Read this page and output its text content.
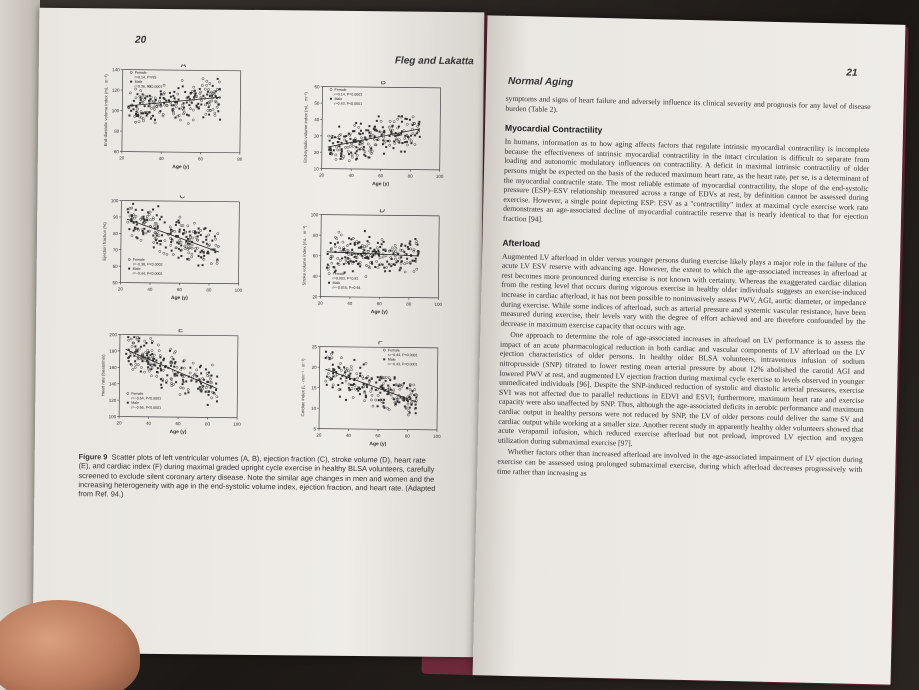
20
Fleg and Lakatta
A
60
80
100
120
140
20	40	60	80
Age (y)
End-diastolic volume index (mL · m⁻²)
Female
r=0.14, P=NS
Male
r=0.36, P<0.0001
B
10
20
30
40
50
60
20	40	60	80	100
Age (y)
End-systolic volume index (mL · m⁻²)
Female
r=0.14, P=0.0003
Male
r=0.43, P<0.0001
C
50
60
70
80
90
100
20	40	60	80	100
Age (y)
Ejection fraction (%)	Female
r=−0.38, P<0.0002
Male
r=−0.44, P<0.0001
D
20
40
60
80
100
20	40	60	80	100
Age (y)
Stroke volume index (mL · m⁻²)	Female
r=0.003, P=0.81
Male
r=−0.016, P=0.94
E
100
120
140
160
180
200
20	40	60	80	100
Age (y)
Heart rate (beats/min)	Female
r=−0.64, P<0.0001
Male
r=−0.66, P<0.0001
F
5
10
15
20
25
20	40	60	80	100
Age (y)
Cardiac index (L · min⁻¹ · m⁻²)
Female
r=−0.44, P<0.0001
Male
r=−0.43, P<0.0001
Figure 9 Scatter plots of left ventricular volumes (A, B), ejection fraction (C), stroke volume (D), heart rate (E), and cardiac index (F) during maximal graded upright cycle exercise in healthy BLSA volunteers, carefully screened to exclude silent coronary artery disease. Note the similar age changes in men and women and the increasing heterogeneity with age in the end-systolic volume index, ejection fraction, and heart rate. (Adapted from Ref. 94.)
21
Normal Aging

symptoms and signs of heart failure and adversely influence its clinical severity and prognosis for any level of disease burden (Table 2).

Myocardial Contractility

In humans, information as to how aging affects factors that regulate intrinsic myocardial contractility is incomplete because the effectiveness of intrinsic myocardial contractility in the intact circulation is difficult to separate from loading and autonomic modulatory influences on contractility. A deficit in maximal intrinsic contractility of older persons might be expected on the basis of the reduced maximum heart rate, as the heart rate, per se, is a determinant of the myocardial contractile state. The most reliable estimate of myocardial contractility, the slope of the end-systolic pressure (ESP)–ESV relationship measured across a range of EDVs at rest, by definition cannot be assessed during exercise. However, a single point depicting ESP: ESV as a "contractility" index at maximal cycle exercise work rate demonstrates an age-associated decline of myocardial contractile reserve that is nearly identical to that for ejection fraction [94].

Afterload

Augmented LV afterload in older versus younger persons during exercise likely plays a major role in the failure of the acute LV ESV reserve with advancing age. However, the extent to which the age-associated increases in afterload at rest becomes more pronounced during exercise is not known with certainty. Whereas the exaggerated cardiac dilation from the resting level that occurs during vigorous exercise in healthy older individuals suggests an exercise-induced increase in cardiac afterload, it has not been possible to noninvasively assess PWV, AGI, aortic diameter, or impedance during exercise. While some indices of afterload, such as arterial pressure and systemic vascular resistance, have been measured during exercise, their levels vary with the degree of effort achieved and are therefore confounded by the decrease in maximum exercise capacity that occurs with age.

One approach to determine the role of age-associated increases in afterload on LV performance is to assess the impact of an acute pharmacological reduction in both cardiac and vascular components of LV afterload on the LV ejection characteristics of older persons. In healthy older BLSA volunteers, intravenous infusion of sodium nitroprusside (SNP) titrated to lower resting mean arterial pressure by about 12% abolished the carotid AGI and lowered PWV at rest, and augmented LV ejection fraction during maximal cycle exercise to levels observed in younger unmedicated individuals [96]. Despite the SNP-induced reduction of systolic and diastolic arterial pressures, exercise SVI was not affected due to parallel reductions in EDVI and ESVI; furthermore, maximum heart rate and exercise capacity were also unaffected by SNP. Thus, although the age-associated deficits in aerobic performance and maximum cardiac output in healthy persons were not reduced by SNP, the LV of older persons could deliver the same SV and cardiac output while working at a smaller size. Another recent study in apparently healthy older volunteers showed that acute verapamil infusion, which reduced exercise afterload but not preload, improved LV ejection and oxygen utilization during submaximal exercise [97].

Whether factors other than increased afterload are involved in the age-associated impairment of LV ejection during exercise can be assessed using prolonged submaximal exercise, during which afterload decreases progressively with time rather than increasing as
